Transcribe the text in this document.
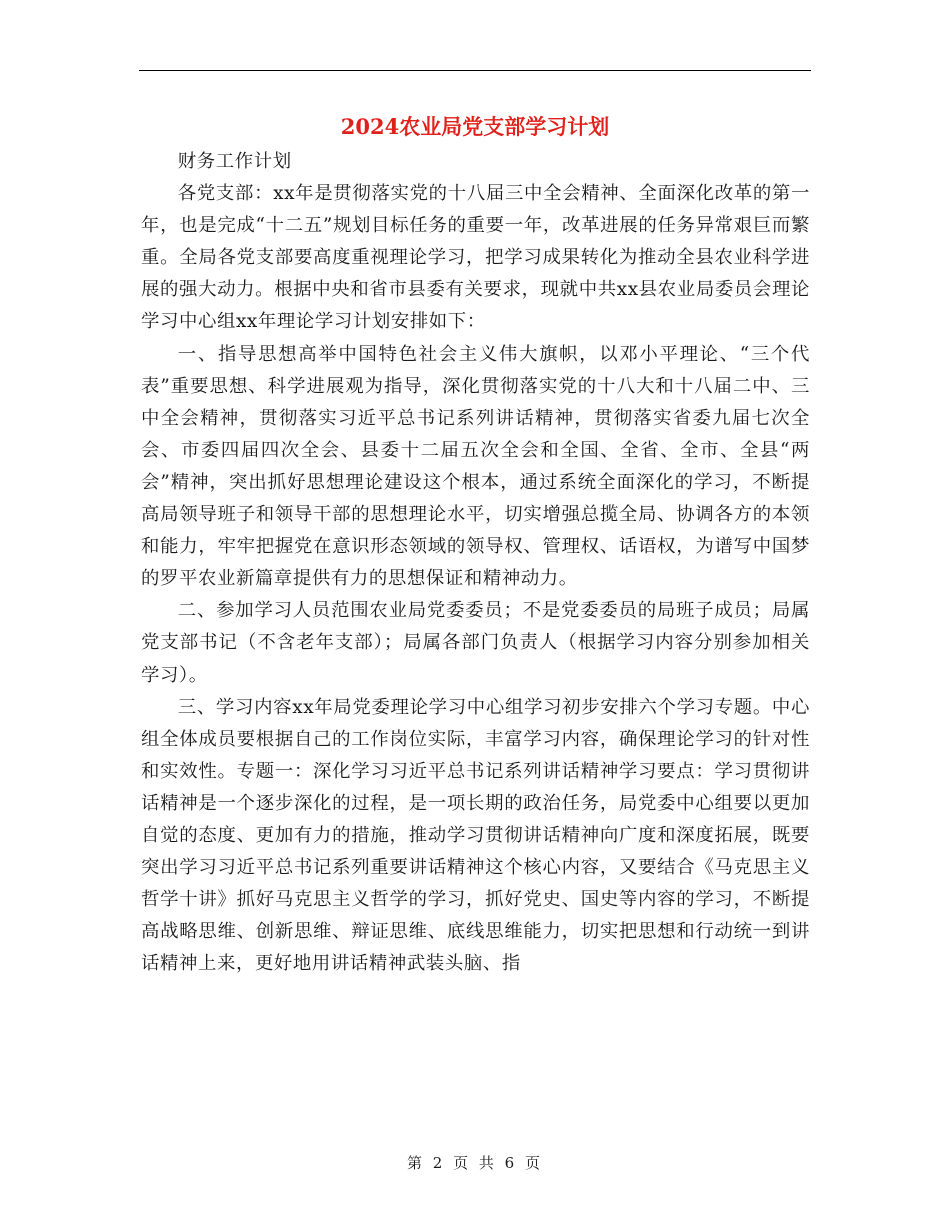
2024农业局党支部学习计划

财务工作计划

各党支部：xx年是贯彻落实党的十八届三中全会精神、全面深化改革的第一年，也是完成“十二五”规划目标任务的重要一年，改革进展的任务异常艰巨而繁重。全局各党支部要高度重视理论学习，把学习成果转化为推动全县农业科学进展的强大动力。根据中央和省市县委有关要求，现就中共xx县农业局委员会理论学习中心组xx年理论学习计划安排如下：

一、指导思想高举中国特色社会主义伟大旗帜，以邓小平理论、“三个代表”重要思想、科学进展观为指导，深化贯彻落实党的十八大和十八届二中、三中全会精神，贯彻落实习近平总书记系列讲话精神，贯彻落实省委九届七次全会、市委四届四次全会、县委十二届五次全会和全国、全省、全市、全县“两会”精神，突出抓好思想理论建设这个根本，通过系统全面深化的学习，不断提高局领导班子和领导干部的思想理论水平，切实增强总揽全局、协调各方的本领和能力，牢牢把握党在意识形态领域的领导权、管理权、话语权，为谱写中国梦的罗平农业新篇章提供有力的思想保证和精神动力。

二、参加学习人员范围农业局党委委员；不是党委委员的局班子成员；局属党支部书记（不含老年支部）；局属各部门负责人（根据学习内容分别参加相关学习）。

三、学习内容xx年局党委理论学习中心组学习初步安排六个学习专题。中心组全体成员要根据自己的工作岗位实际，丰富学习内容，确保理论学习的针对性和实效性。专题一：深化学习习近平总书记系列讲话精神学习要点：学习贯彻讲话精神是一个逐步深化的过程，是一项长期的政治任务，局党委中心组要以更加自觉的态度、更加有力的措施，推动学习贯彻讲话精神向广度和深度拓展，既要突出学习习近平总书记系列重要讲话精神这个核心内容，又要结合《马克思主义哲学十讲》抓好马克思主义哲学的学习，抓好党史、国史等内容的学习，不断提高战略思维、创新思维、辩证思维、底线思维能力，切实把思想和行动统一到讲话精神上来，更好地用讲话精神武装头脑、指

第 2 页 共 6 页
